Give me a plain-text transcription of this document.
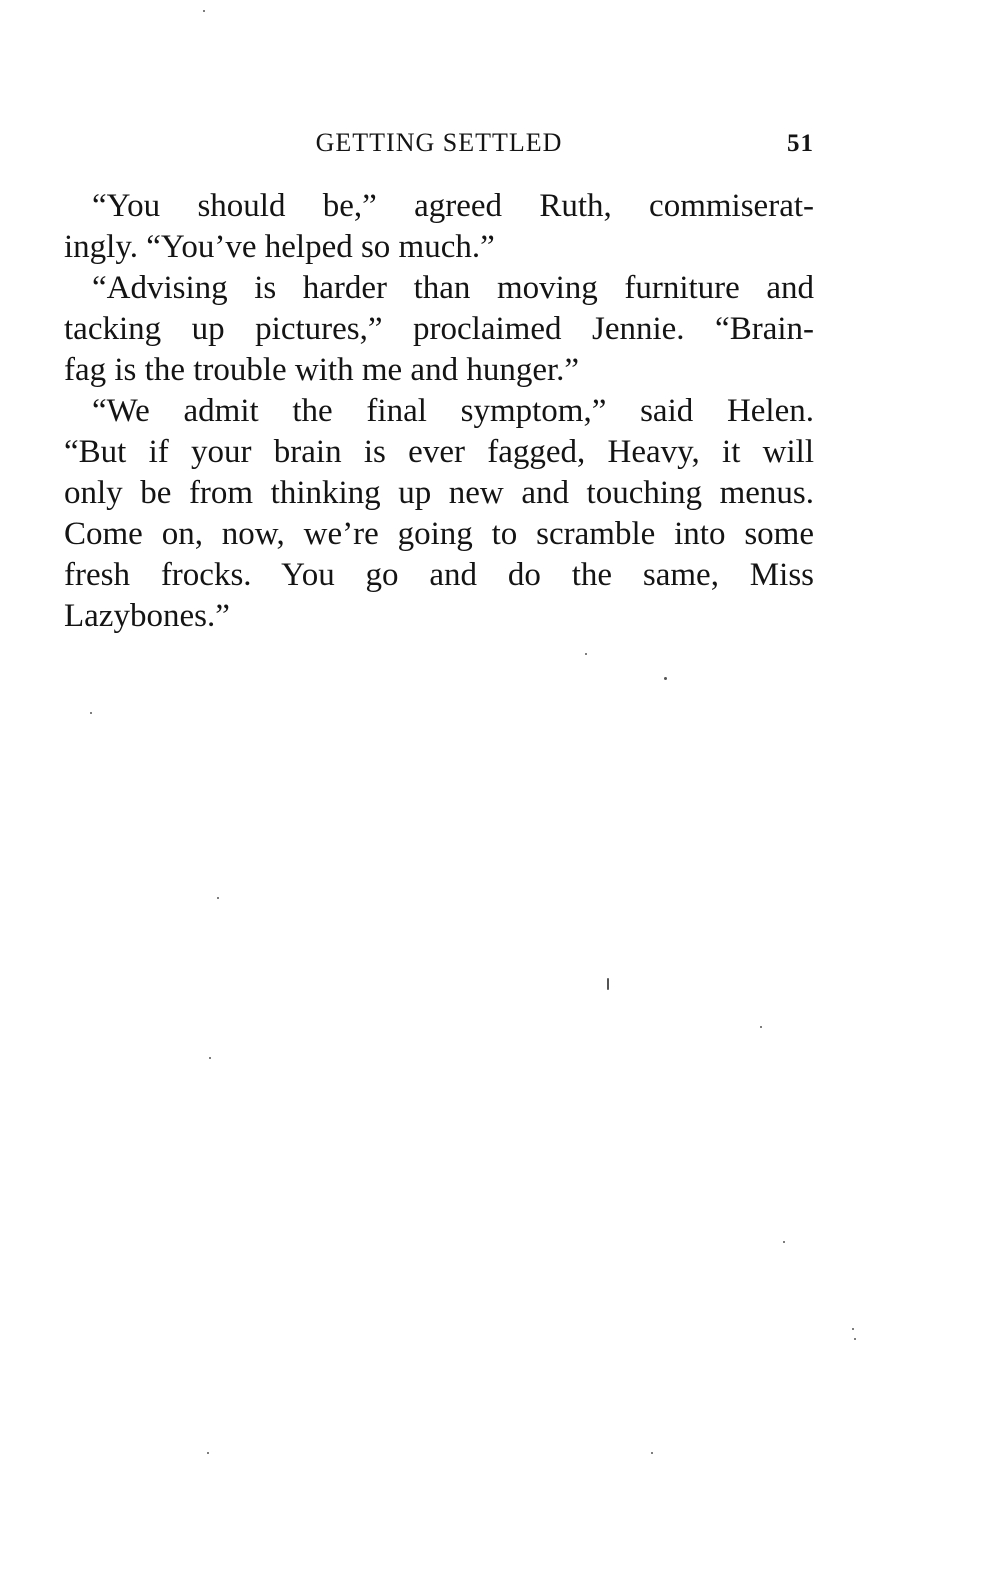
GETTING SETTLED	51
“You should be,” agreed Ruth, commiserat-
ingly. “You’ve helped so much.”
“Advising is harder than moving furniture and
tacking up pictures,” proclaimed Jennie. “Brain-
fag is the trouble with me and hunger.”
“We admit the final symptom,” said Helen.
“But if your brain is ever fagged, Heavy, it will
only be from thinking up new and touching menus.
Come on, now, we’re going to scramble into some
fresh frocks. You go and do the same, Miss
Lazybones.”
